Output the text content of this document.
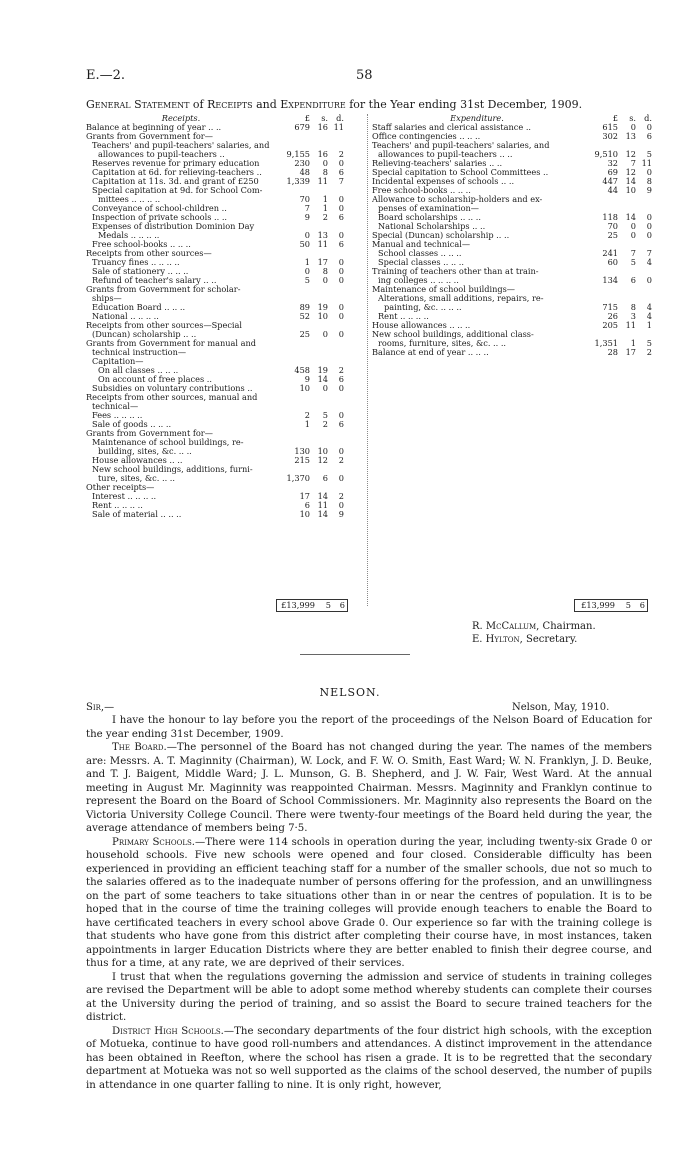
E.—2.	58
General Statement of Receipts and Expenditure for the Year ending 31st December, 1909.
Receipts.	£	s. d.
Balance at beginning of year .. ..	679 16 11
Grants from Government for—
Teachers' and pupil-teachers' salaries, and
allowances to pupil-teachers ..	9,155 16	2
Reserves revenue for primary education	230	0	0
Capitation at 6d. for relieving-teachers ..	48	8	6
Capitation at 11s. 3d. and grant of £250	1,339 11	7
Special capitation at 9d. for School Com-
mittees .. .. .. ..	70	1	0
Conveyance of school-children ..	7	1	0
Inspection of private schools .. ..	9	2	6
Expenses of distribution Dominion Day
Medals .. .. .. ..	0 13	0
Free school-books .. .. ..	50 11	6
Receipts from other sources—
Truancy fines .. .. .. ..	1 17	0
Sale of stationery .. .. ..	0	8	0
Refund of teacher's salary .. ..	5	0	0
Grants from Government for scholar-
ships—
Education Board .. .. ..	89 19	0
National .. .. .. ..	52 10	0
Receipts from other sources—Special
(Duncan) scholarship .. ..	25	0	0
Grants from Government for manual and
technical instruction—
Capitation—
On all classes .. .. ..	458 19	2
On account of free places ..	9 14	6
Subsidies on voluntary contributions ..	10	0	0
Receipts from other sources, manual and
technical—
Fees .. .. .. ..	2	5	0
Sale of goods .. .. ..	1	2	6
Grants from Government for—
Maintenance of school buildings, re-
building, sites, &c. .. ..	130 10	0
House allowances .. ..	215 12	2
New school buildings, additions, furni-
ture, sites, &c. .. ..	1,370	6	0
Other receipts—
Interest .. .. .. ..	17 14	2
Rent .. .. .. ..	6 11	0
Sale of material .. .. ..	10 14	9
Expenditure.	£	s. d.
Staff salaries and clerical assistance ..	615	0	0
Office contingencies .. .. ..	302 13	6
Teachers' and pupil-teachers' salaries, and
allowances to pupil-teachers .. ..	9,510 12	5
Relieving-teachers' salaries .. ..	32	7 11
Special capitation to School Committees ..	69 12	0
Incidental expenses of schools .. ..	447 14	8
Free school-books .. .. ..	44 10	9
Allowance to scholarship-holders and ex-
penses of examination—
Board scholarships .. .. ..	118 14	0
National Scholarships .. ..	70	0	0
Special (Duncan) scholarship .. ..	25	0	0
Manual and technical—
School classes .. .. ..	241	7	7
Special classes .. .. ..	60	5	4
Training of teachers other than at train-
ing colleges .. .. .. ..	134	6	0
Maintenance of school buildings—
Alterations, small additions, repairs, re-
painting, &c. .. .. ..	715	8	4
Rent .. .. .. ..	26	3	4
House allowances .. .. ..	205 11	1
New school buildings, additional class-
rooms, furniture, sites, &c. .. ..	1,351	1	5
Balance at end of year .. .. ..	28 17	2
£13,999	5	6	£13,999	5	6
R. McCallum, Chairman.
E. Hylton, Secretary.
NELSON.
Sir,—	Nelson, May, 1910.

I have the honour to lay before you the report of the proceedings of the Nelson Board of Education for the year ending 31st December, 1909.

The Board.—The personnel of the Board has not changed during the year. The names of the members are: Messrs. A. T. Maginnity (Chairman), W. Lock, and F. W. O. Smith, East Ward; W. N. Franklyn, J. D. Beuke, and T. J. Baigent, Middle Ward; J. L. Munson, G. B. Shepherd, and J. W. Fair, West Ward. At the annual meeting in August Mr. Maginnity was reappointed Chairman. Messrs. Maginnity and Franklyn continue to represent the Board on the Board of School Commissioners. Mr. Maginnity also represents the Board on the Victoria University College Council. There were twenty-four meetings of the Board held during the year, the average attendance of members being 7·5.

Primary Schools.—There were 114 schools in operation during the year, including twenty-six Grade 0 or household schools. Five new schools were opened and four closed. Considerable difficulty has been experienced in providing an efficient teaching staff for a number of the smaller schools, due not so much to the salaries offered as to the inadequate number of persons offering for the profession, and an unwillingness on the part of some teachers to take situations other than in or near the centres of population. It is to be hoped that in the course of time the training colleges will provide enough teachers to enable the Board to have certificated teachers in every school above Grade 0. Our experience so far with the training college is that students who have gone from this district after completing their course have, in most instances, taken appointments in larger Education Districts where they are better enabled to finish their degree course, and thus for a time, at any rate, we are deprived of their services.

I trust that when the regulations governing the admission and service of students in training colleges are revised the Department will be able to adopt some method whereby students can complete their courses at the University during the period of training, and so assist the Board to secure trained teachers for the district.

District High Schools.—The secondary departments of the four district high schools, with the exception of Motueka, continue to have good roll-numbers and attendances. A distinct improvement in the attendance has been obtained in Reefton, where the school has risen a grade. It is to be regretted that the secondary department at Motueka was not so well supported as the claims of the school deserved, the number of pupils in attendance in one quarter falling to nine. It is only right, however,
